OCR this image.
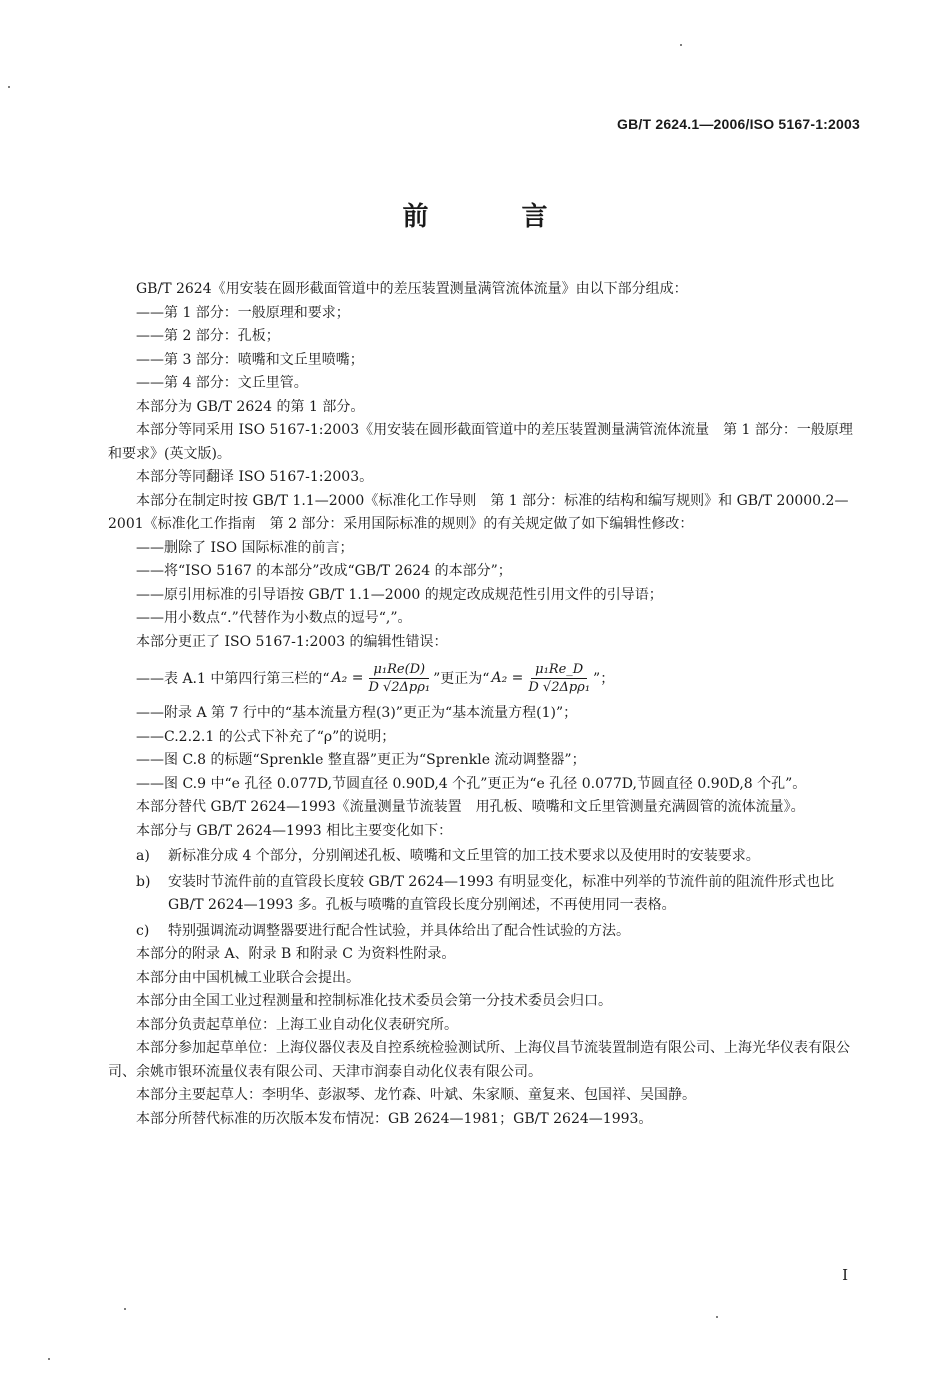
GB/T 2624.1—2006/ISO 5167-1:2003
前 言

GB/T 2624《用安装在圆形截面管道中的差压装置测量满管流体流量》由以下部分组成：

——第 1 部分：一般原理和要求；

——第 2 部分：孔板；

——第 3 部分：喷嘴和文丘里喷嘴；

——第 4 部分：文丘里管。

本部分为 GB/T 2624 的第 1 部分。

本部分等同采用 ISO 5167-1:2003《用安装在圆形截面管道中的差压装置测量满管流体流量　第 1 部分：一般原理和要求》(英文版)。

本部分等同翻译 ISO 5167-1:2003。

本部分在制定时按 GB/T 1.1—2000《标准化工作导则　第 1 部分：标准的结构和编写规则》和 GB/T 20000.2—2001《标准化工作指南　第 2 部分：采用国际标准的规则》的有关规定做了如下编辑性修改：

——删除了 ISO 国际标准的前言；

——将“ISO 5167 的本部分”改成“GB/T 2624 的本部分”；

——原引用标准的引导语按 GB/T 1.1—2000 的规定改成规范性引用文件的引导语；

——用小数点“.”代替作为小数点的逗号“,”。

本部分更正了 ISO 5167-1:2003 的编辑性错误：

——表 A.1 中第四行第三栏的“ $A_2 = \frac{\text{μ₁Re(D)}}{\text{D √2Δpρ₁}}$ ”更正为“ $A_2 = \frac{\text{μ₁Re\_D}}{\text{D √2Δpρ₁}}$ ”；

——附录 A 第 7 行中的“基本流量方程(3)”更正为“基本流量方程(1)”；

——C.2.2.1 的公式下补充了“ρ”的说明；

——图 C.8 的标题“Sprenkle 整直器”更正为“Sprenkle 流动调整器”；

——图 C.9 中“e 孔径 0.077D,节圆直径 0.90D,4 个孔”更正为“e 孔径 0.077D,节圆直径 0.90D,8 个孔”。

本部分替代 GB/T 2624—1993《流量测量节流装置　用孔板、喷嘴和文丘里管测量充满圆管的流体流量》。

本部分与 GB/T 2624—1993 相比主要变化如下：

a)	新标准分成 4 个部分，分别阐述孔板、喷嘴和文丘里管的加工技术要求以及使用时的安装要求。
b)	安装时节流件前的直管段长度较 GB/T 2624—1993 有明显变化，标准中列举的节流件前的阻流件形式也比 GB/T 2624—1993 多。孔板与喷嘴的直管段长度分别阐述，不再使用同一表格。
c)	特别强调流动调整器要进行配合性试验，并具体给出了配合性试验的方法。

本部分的附录 A、附录 B 和附录 C 为资料性附录。

本部分由中国机械工业联合会提出。

本部分由全国工业过程测量和控制标准化技术委员会第一分技术委员会归口。

本部分负责起草单位：上海工业自动化仪表研究所。

本部分参加起草单位：上海仪器仪表及自控系统检验测试所、上海仪昌节流装置制造有限公司、上海光华仪表有限公司、余姚市银环流量仪表有限公司、天津市润泰自动化仪表有限公司。

本部分主要起草人：李明华、彭淑琴、龙竹森、叶斌、朱家顺、童复来、包国祥、吴国静。

本部分所替代标准的历次版本发布情况：GB 2624—1981；GB/T 2624—1993。

I
